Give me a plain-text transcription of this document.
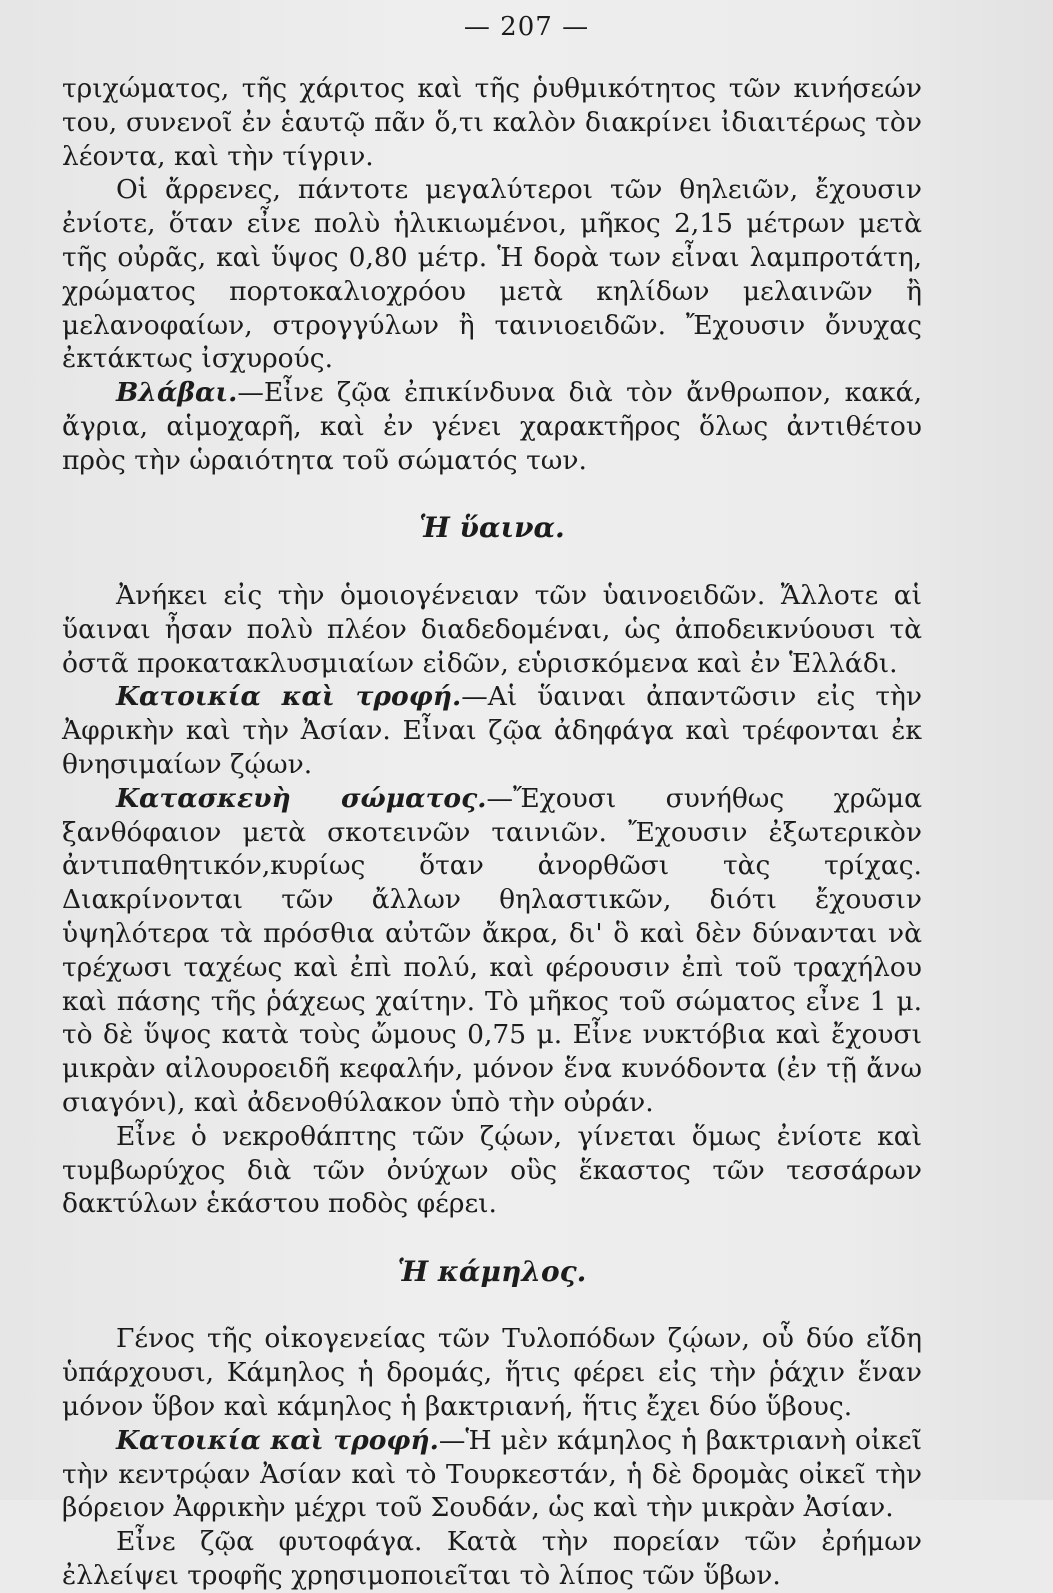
— 207 —

τριχώματος, τῆς χάριτος καὶ τῆς ῥυθμικότητος τῶν κινήσεών του, συνενοῖ ἐν ἑαυτῷ πᾶν ὅ,τι καλὸν διακρίνει ἰδιαιτέρως τὸν λέοντα, καὶ τὴν τίγριν.

Οἱ ἄρρενες, πάντοτε μεγαλύτεροι τῶν θηλειῶν, ἔχουσιν ἐνίοτε, ὅταν εἶνε πολὺ ἡλικιωμένοι, μῆκος 2,15 μέτρων μετὰ τῆς οὐρᾶς, καὶ ὕψος 0,80 μέτρ. Ἡ δορὰ των εἶναι λαμπροτάτη, χρώματος πορτοκαλιοχρόου μετὰ κηλίδων μελαινῶν ἢ μελανοφαίων, στρογγύλων ἢ ταινιοειδῶν. Ἔχουσιν ὄνυχας ἐκτάκτως ἰσχυρούς.

Βλάβαι.—Εἶνε ζῷα ἐπικίνδυνα διὰ τὸν ἄνθρωπον, κακά, ἄγρια, αἱμοχαρῆ, καὶ ἐν γένει χαρακτῆρος ὅλως ἀντιθέτου πρὸς τὴν ὡραιότητα τοῦ σώματός των.

Ἡ ὕαινα.

Ἀνήκει εἰς τὴν ὁμοιογένειαν τῶν ὑαινοειδῶν. Ἄλλοτε αἱ ὕαιναι ἦσαν πολὺ πλέον διαδεδομέναι, ὡς ἀποδεικνύουσι τὰ ὀστᾶ προκατακλυσμιαίων εἰδῶν, εὑρισκόμενα καὶ ἐν Ἑλλάδι.

Κατοικία καὶ τροφή.—Αἱ ὕαιναι ἀπαντῶσιν εἰς τὴν Ἀφρικὴν καὶ τὴν Ἀσίαν. Εἶναι ζῷα ἀδηφάγα καὶ τρέφονται ἐκ θνησιμαίων ζῴων.

Κατασκευὴ σώματος.—Ἔχουσι συνήθως χρῶμα ξανθόφαιον μετὰ σκοτεινῶν ταινιῶν. Ἔχουσιν ἐξωτερικὸν ἀντιπαθητικόν,κυρίως ὅταν ἀνορθῶσι τὰς τρίχας. Διακρίνονται τῶν ἄλλων θηλαστικῶν, διότι ἔχουσιν ὑψηλότερα τὰ πρόσθια αὐτῶν ἄκρα, δι' ὃ καὶ δὲν δύνανται νὰ τρέχωσι ταχέως καὶ ἐπὶ πολύ, καὶ φέρουσιν ἐπὶ τοῦ τραχήλου καὶ πάσης τῆς ῥάχεως χαίτην. Τὸ μῆκος τοῦ σώματος εἶνε 1 μ. τὸ δὲ ὕψος κατὰ τοὺς ὤμους 0,75 μ. Εἶνε νυκτόβια καὶ ἔχουσι μικρὰν αἰλουροειδῆ κεφαλήν, μόνον ἕνα κυνόδοντα (ἐν τῇ ἄνω σιαγόνι), καὶ ἀδενοθύλακον ὑπὸ τὴν οὐράν.

Εἶνε ὁ νεκροθάπτης τῶν ζῴων, γίνεται ὅμως ἐνίοτε καὶ τυμβωρύχος διὰ τῶν ὀνύχων οὓς ἕκαστος τῶν τεσσάρων δακτύλων ἑκάστου ποδὸς φέρει.

Ἡ κάμηλος.

Γένος τῆς οἰκογενείας τῶν Τυλοπόδων ζῴων, οὗ δύο εἴδη ὑπάρχουσι, Κάμηλος ἡ δρομάς, ἥτις φέρει εἰς τὴν ῥάχιν ἕναν μόνον ὕβον καὶ κάμηλος ἡ βακτριανή, ἥτις ἔχει δύο ὕβους.

Κατοικία καὶ τροφή.—Ἡ μὲν κάμηλος ἡ βακτριανὴ οἰκεῖ τὴν κεντρῴαν Ἀσίαν καὶ τὸ Τουρκεστάν, ἡ δὲ δρομὰς οἰκεῖ τὴν βόρειον Ἀφρικὴν μέχρι τοῦ Σουδάν, ὡς καὶ τὴν μικρὰν Ἀσίαν.

Εἶνε ζῷα φυτοφάγα. Κατὰ τὴν πορείαν τῶν ἐρήμων ἐλλείψει τροφῆς χρησιμοποιεῖται τὸ λίπος τῶν ὕβων.
